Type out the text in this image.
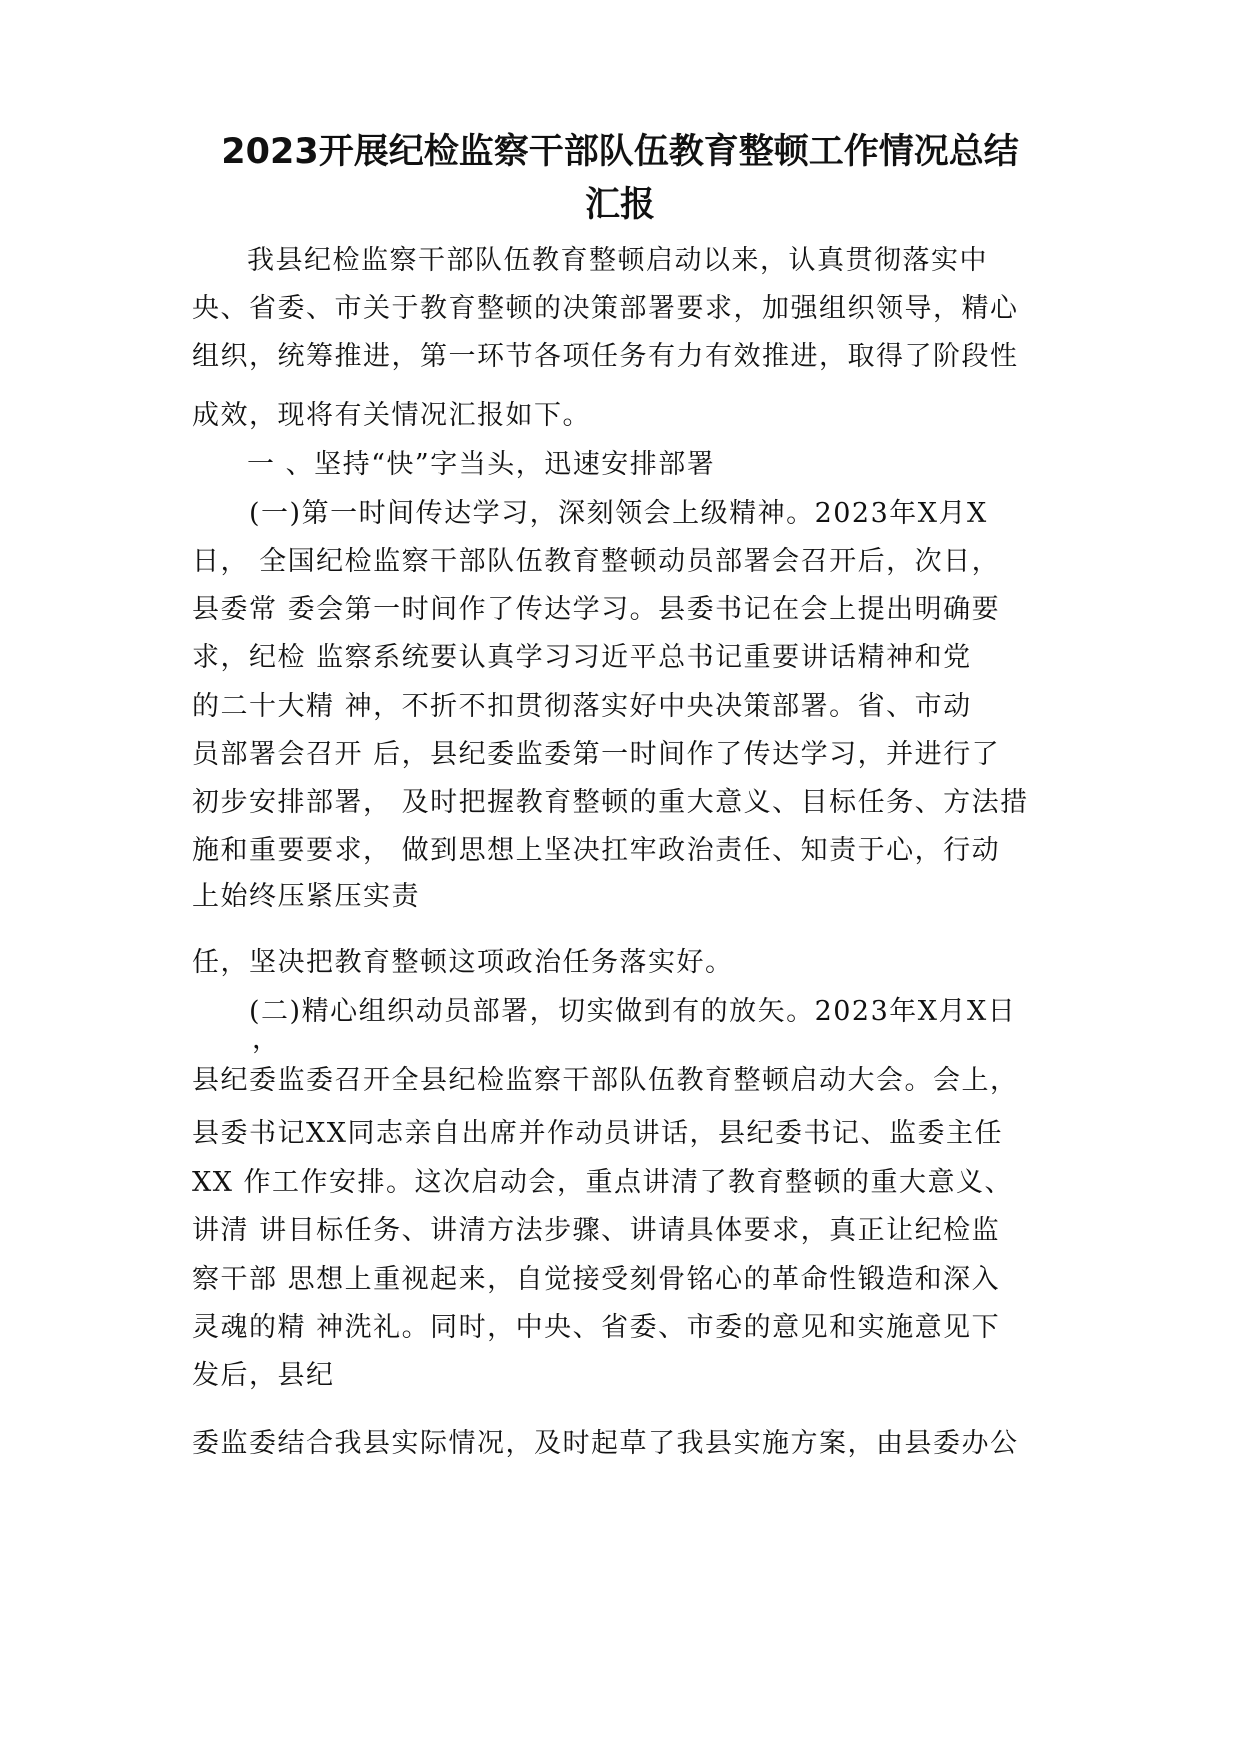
2023开展纪检监察干部队伍教育整顿工作情况总结
汇报
我县纪检监察干部队伍教育整顿启动以来，认真贯彻落实中
央、省委、市关于教育整顿的决策部署要求，加强组织领导，精心
组织，统筹推进，第一环节各项任务有力有效推进，取得了阶段性
成效，现将有关情况汇报如下。
一 、坚持“快”字当头，迅速安排部署
(一)第一时间传达学习，深刻领会上级精神。2023年X月X
日， 全国纪检监察干部队伍教育整顿动员部署会召开后，次日，
县委常 委会第一时间作了传达学习。县委书记在会上提出明确要
求，纪检 监察系统要认真学习习近平总书记重要讲话精神和党
的二十大精 神，不折不扣贯彻落实好中央决策部署。省、市动
员部署会召开 后，县纪委监委第一时间作了传达学习，并进行了
初步安排部署， 及时把握教育整顿的重大意义、目标任务、方法措
施和重要要求， 做到思想上坚决扛牢政治责任、知责于心，行动
上始终压紧压实责
任，坚决把教育整顿这项政治任务落实好。
(二)精心组织动员部署，切实做到有的放矢。2023年X月X日
，
县纪委监委召开全县纪检监察干部队伍教育整顿启动大会。会上，
县委书记XX同志亲自出席并作动员讲话，县纪委书记、监委主任
XX 作工作安排。这次启动会，重点讲清了教育整顿的重大意义、
讲清 讲目标任务、讲清方法步骤、讲请具体要求，真正让纪检监
察干部 思想上重视起来，自觉接受刻骨铭心的革命性锻造和深入
灵魂的精 神洗礼。同时，中央、省委、市委的意见和实施意见下
发后，县纪
委监委结合我县实际情况，及时起草了我县实施方案，由县委办公
